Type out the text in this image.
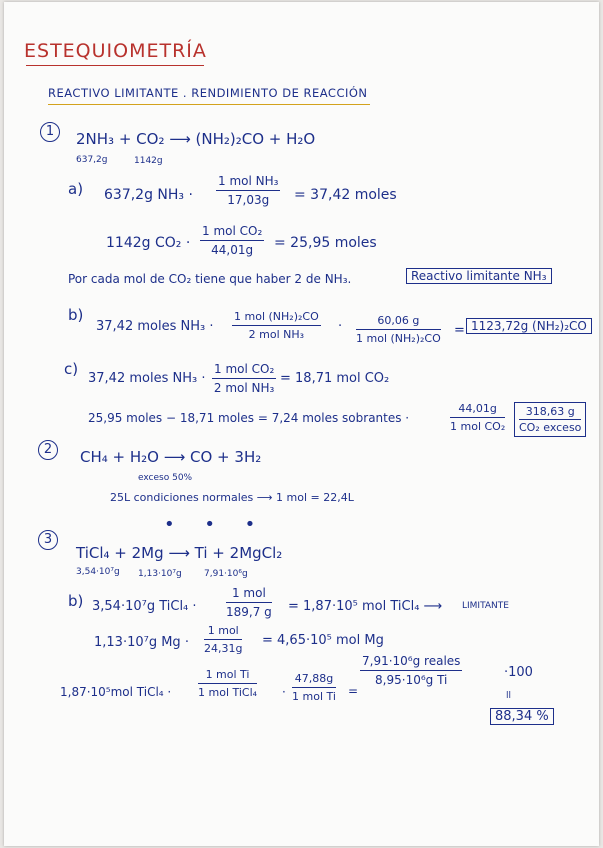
ESTEQUIOMETRÍA
REACTIVO LIMITANTE . RENDIMIENTO DE REACCIÓN
1	2NH₃ + CO₂ ⟶ (NH₂)₂CO + H₂O
637,2g	1142g
a) 637,2g NH₃ ·
1 mol NH₃
17,03g	= 37,42 moles
1142g CO₂ ·
1 mol CO₂
44,01g	= 25,95 moles
Por cada mol de CO₂ tiene que haber 2 de NH₃.	Reactivo limitante NH₃
b)
37,42 moles NH₃ ·
1 mol (NH₂)₂CO
2 mol NH₃
·	60,06 g
1 mol (NH₂)₂CO
= 1123,72g (NH₂)₂CO
c)
37,42 moles NH₃ ·
1 mol CO₂
2 mol NH₃
= 18,71 mol CO₂
25,95 moles − 18,71 moles = 7,24 moles sobrantes ·
44,01g
1 mol CO₂
318,63 g
CO₂ exceso
2	CH₄ + H₂O ⟶ CO + 3H₂
exceso 50%
25L condiciones normales ⟶ 1 mol = 22,4L
• • •
3
TiCl₄ + 2Mg ⟶ Ti + 2MgCl₂
3,54·10⁷g 1,13·10⁷g 7,91·10⁶g
b) 3,54·10⁷g TiCl₄ ·
1 mol
189,7 g = 1,87·10⁵ mol TiCl₄ ⟶ LIMITANTE
1,13·10⁷g Mg ·
1 mol
24,31g
= 4,65·10⁵ mol Mg
1,87·10⁵mol TiCl₄ ·
1 mol Ti
1 mol TiCl₄ ·
47,88g
1 mol Ti =
7,91·10⁶g reales
8,95·10⁶g Ti	·100
ll
88,34 %
